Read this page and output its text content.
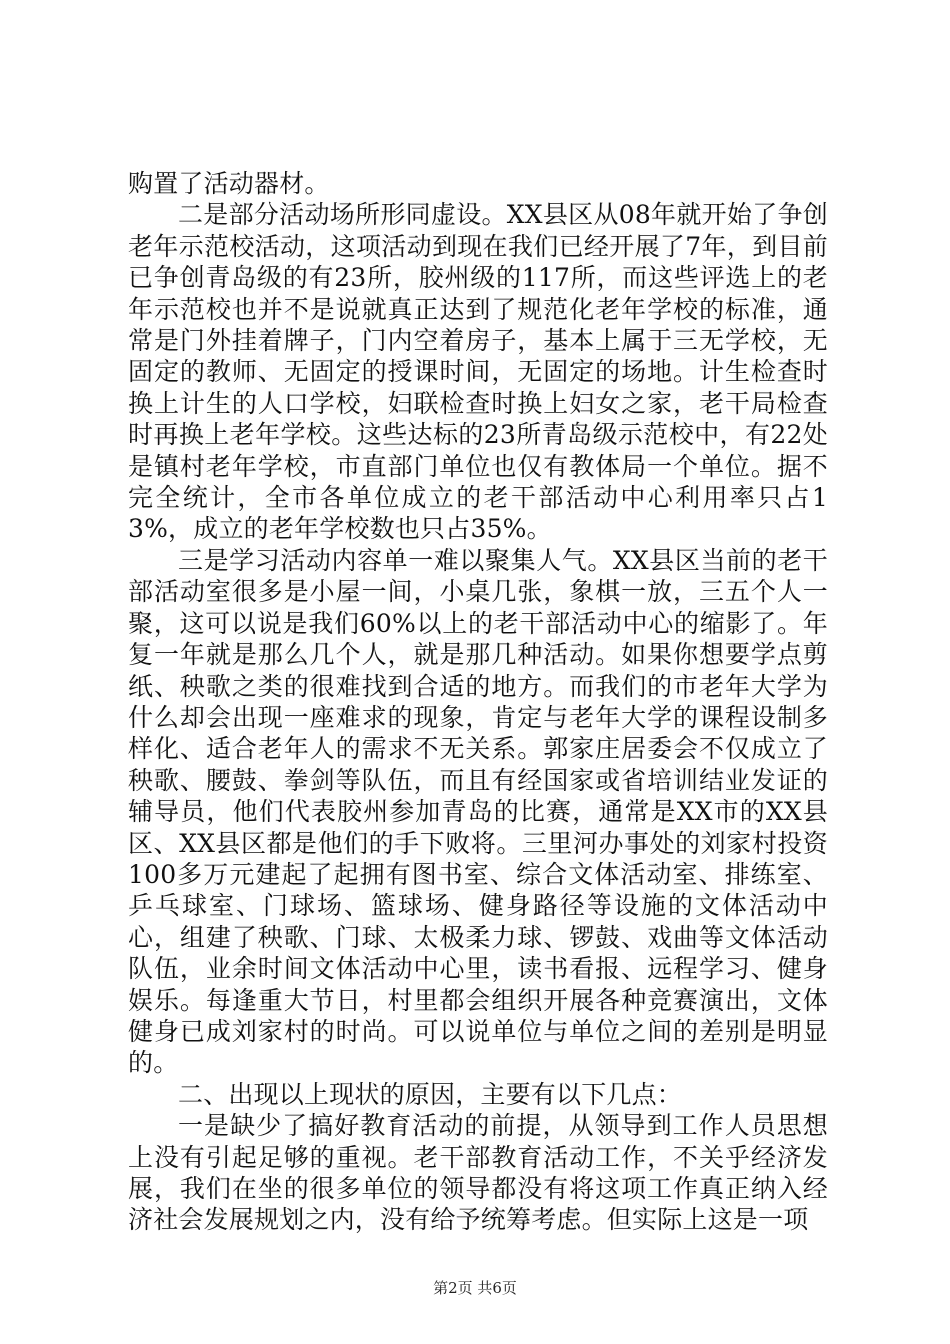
购置了活动器材。

二是部分活动场所形同虚设。XX县区从08年就开始了争创老年示范校活动，这项活动到现在我们已经开展了7年，到目前已争创青岛级的有23所，胶州级的117所，而这些评选上的老年示范校也并不是说就真正达到了规范化老年学校的标准，通常是门外挂着牌子，门内空着房子，基本上属于三无学校，无固定的教师、无固定的授课时间，无固定的场地。计生检查时换上计生的人口学校，妇联检查时换上妇女之家，老干局检查时再换上老年学校。这些达标的23所青岛级示范校中，有22处是镇村老年学校，市直部门单位也仅有教体局一个单位。据不完全统计，全市各单位成立的老干部活动中心利用率只占13%，成立的老年学校数也只占35%。

三是学习活动内容单一难以聚集人气。XX县区当前的老干部活动室很多是小屋一间，小桌几张，象棋一放，三五个人一聚，这可以说是我们60%以上的老干部活动中心的缩影了。年复一年就是那么几个人，就是那几种活动。如果你想要学点剪纸、秧歌之类的很难找到合适的地方。而我们的市老年大学为什么却会出现一座难求的现象，肯定与老年大学的课程设制多样化、适合老年人的需求不无关系。郭家庄居委会不仅成立了秧歌、腰鼓、拳剑等队伍，而且有经国家或省培训结业发证的辅导员，他们代表胶州参加青岛的比赛，通常是XX市的XX县区、XX县区都是他们的手下败将。三里河办事处的刘家村投资100多万元建起了起拥有图书室、综合文体活动室、排练室、乒乓球室、门球场、篮球场、健身路径等设施的文体活动中心，组建了秧歌、门球、太极柔力球、锣鼓、戏曲等文体活动队伍，业余时间文体活动中心里，读书看报、远程学习、健身娱乐。每逢重大节日，村里都会组织开展各种竞赛演出，文体健身已成刘家村的时尚。可以说单位与单位之间的差别是明显的。

二、出现以上现状的原因，主要有以下几点：

一是缺少了搞好教育活动的前提，从领导到工作人员思想上没有引起足够的重视。老干部教育活动工作，不关乎经济发展，我们在坐的很多单位的领导都没有将这项工作真正纳入经济社会发展规划之内，没有给予统筹考虑。但实际上这是一项

第2页 共6页
